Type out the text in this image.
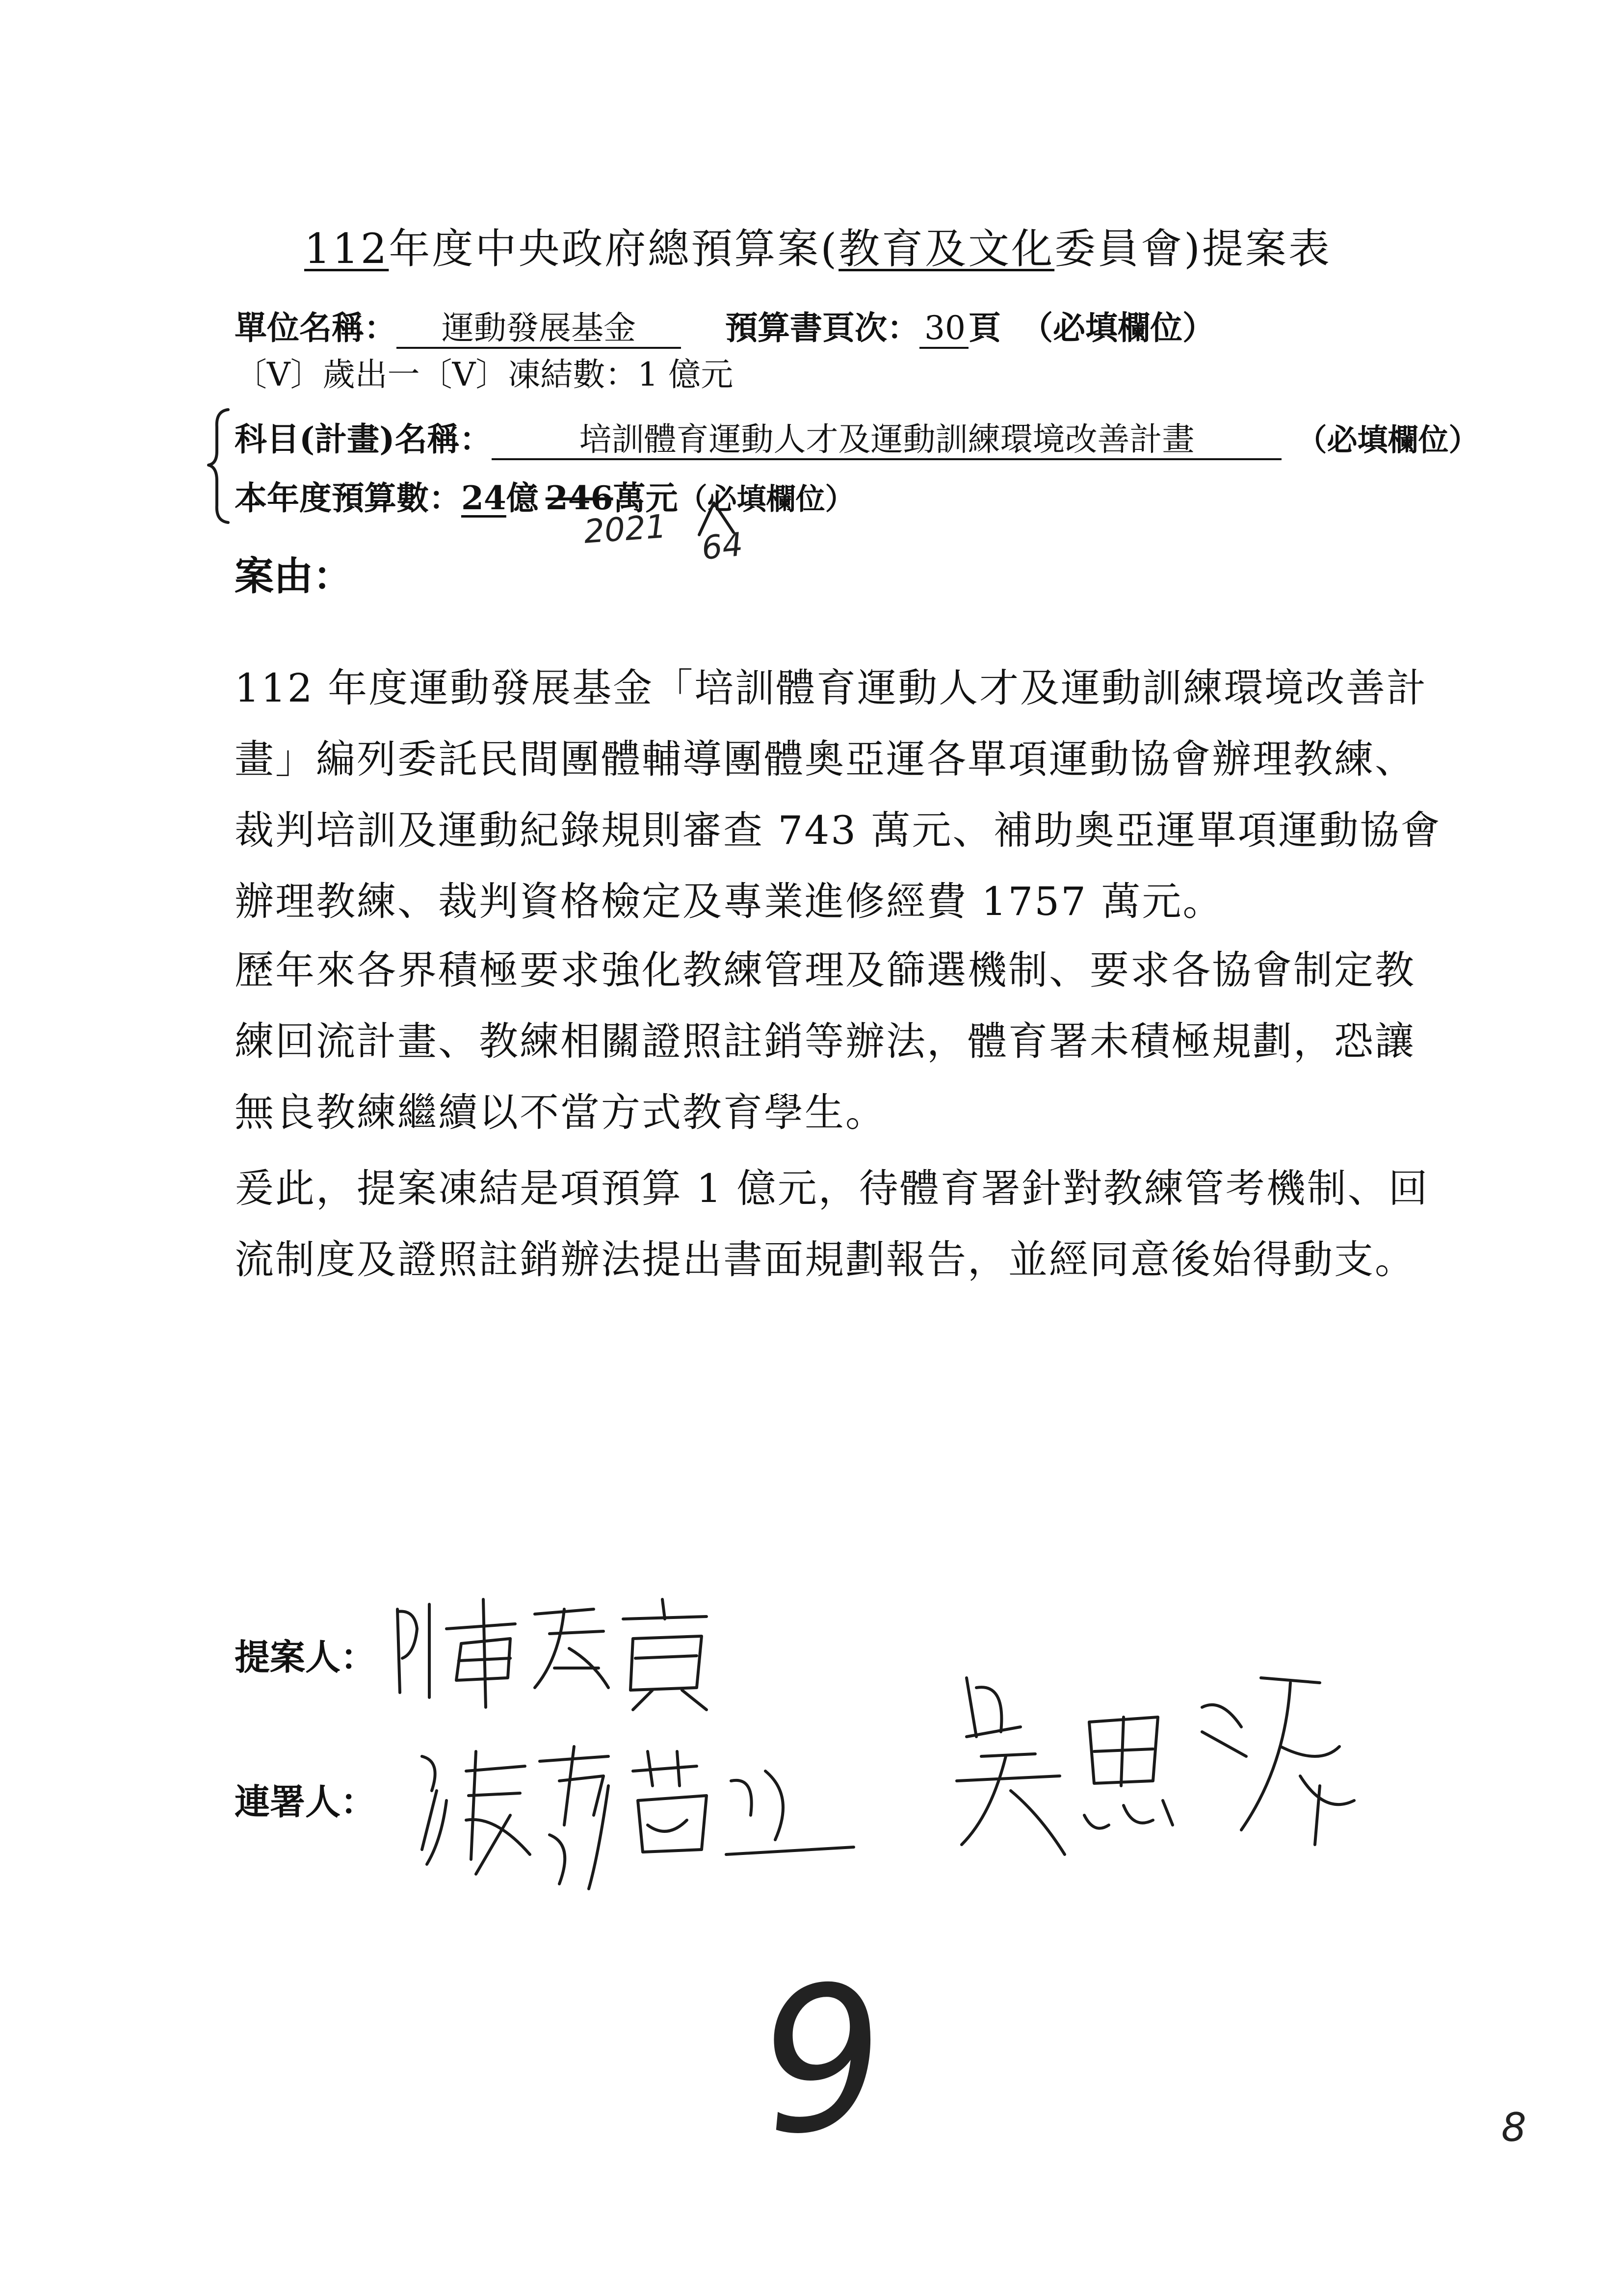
112年度中央政府總預算案(教育及文化委員會)提案表
單位名稱： 運動發展基金	預算書頁次： 30頁 （必填欄位）
〔V〕歲出一〔V〕凍結數：1 億元
科目(計畫)名稱：	培訓體育運動人才及運動訓練環境改善計畫	（必填欄位）
本年度預算數：24億 246萬元（必填欄位）
2021 64
案由：
112 年度運動發展基金「培訓體育運動人才及運動訓練環境改善計畫」編列委託民間團體輔導團體奧亞運各單項運動協會辦理教練、裁判培訓及運動紀錄規則審查 743 萬元、補助奧亞運單項運動協會辦理教練、裁判資格檢定及專業進修經費 1757 萬元。
歷年來各界積極要求強化教練管理及篩選機制、要求各協會制定教練回流計畫、教練相關證照註銷等辦法，體育署未積極規劃，恐讓無良教練繼續以不當方式教育學生。
爰此，提案凍結是項預算 1 億元，待體育署針對教練管考機制、回流制度及證照註銷辦法提出書面規劃報告，並經同意後始得動支。
提案人：
連署人：
9	8
